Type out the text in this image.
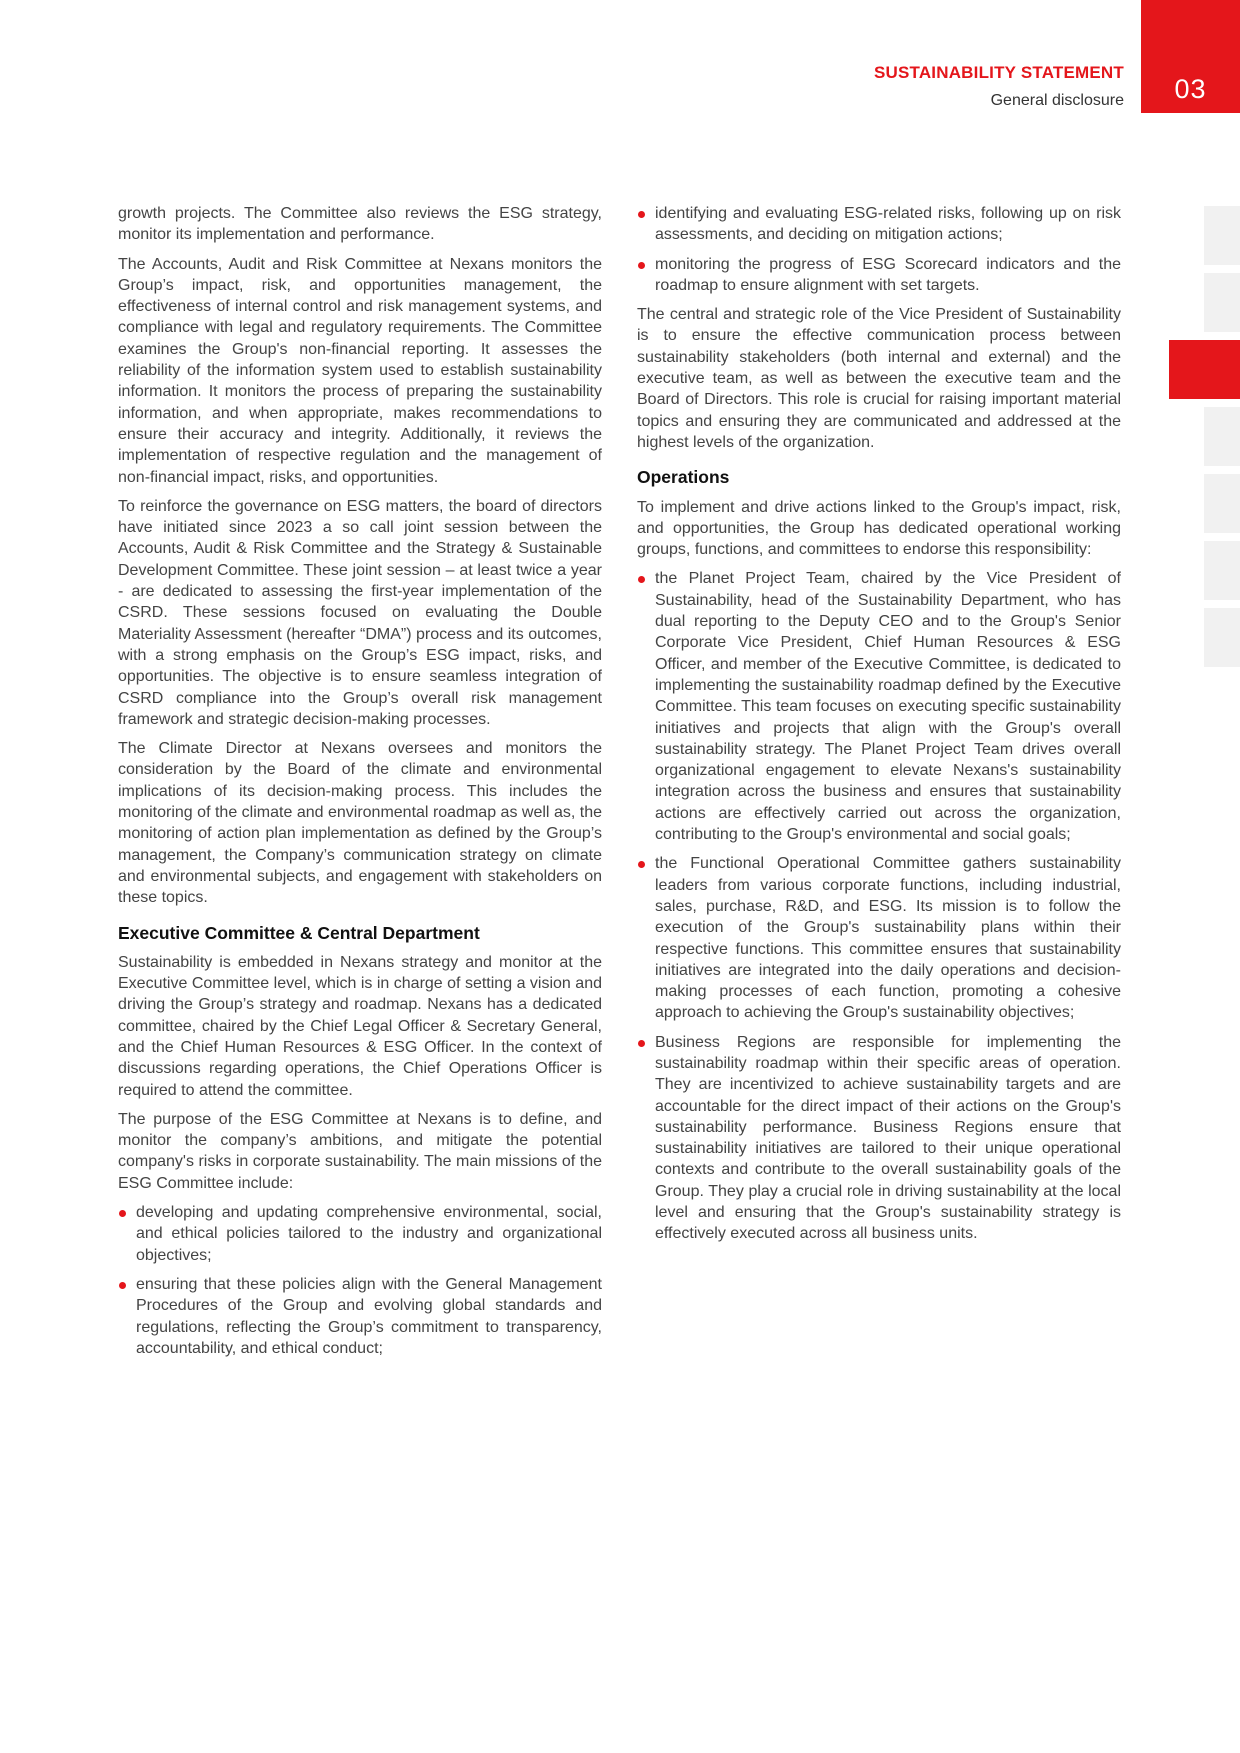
SUSTAINABILITY STATEMENT
General disclosure	03

growth projects. The Committee also reviews the ESG strategy, monitor its implementation and performance.

The Accounts, Audit and Risk Committee at Nexans monitors the Group’s impact, risk, and opportunities management, the effectiveness of internal control and risk management systems, and compliance with legal and regulatory requirements. The Committee examines the Group's non-financial reporting. It assesses the reliability of the information system used to establish sustainability information. It monitors the process of preparing the sustainability information, and when appropriate, makes recommendations to ensure their accuracy and integrity. Additionally, it reviews the implementation of respective regulation and the management of non-financial impact, risks, and opportunities.

To reinforce the governance on ESG matters, the board of directors have initiated since 2023 a so call joint session between the Accounts, Audit & Risk Committee and the Strategy & Sustainable Development Committee. These joint session – at least twice a year - are dedicated to assessing the first-year implementation of the CSRD. These sessions focused on evaluating the Double Materiality Assessment (hereafter “DMA”) process and its outcomes, with a strong emphasis on the Group’s ESG impact, risks, and opportunities. The objective is to ensure seamless integration of CSRD compliance into the Group’s overall risk management framework and strategic decision-making processes.

The Climate Director at Nexans oversees and monitors the consideration by the Board of the climate and environmental implications of its decision-making process. This includes the monitoring of the climate and environmental roadmap as well as, the monitoring of action plan implementation as defined by the Group’s management, the Company’s communication strategy on climate and environmental subjects, and engagement with stakeholders on these topics.

Executive Committee & Central Department

Sustainability is embedded in Nexans strategy and monitor at the Executive Committee level, which is in charge of setting a vision and driving the Group’s strategy and roadmap. Nexans has a dedicated committee, chaired by the Chief Legal Officer & Secretary General, and the Chief Human Resources & ESG Officer. In the context of discussions regarding operations, the Chief Operations Officer is required to attend the committee.

The purpose of the ESG Committee at Nexans is to define, and monitor the company’s ambitions, and mitigate the potential company's risks in corporate sustainability. The main missions of the ESG Committee include:

developing and updating comprehensive environmental, social, and ethical policies tailored to the industry and organizational objectives;
ensuring that these policies align with the General Management Procedures of the Group and evolving global standards and regulations, reflecting the Group’s commitment to transparency, accountability, and ethical conduct;
identifying and evaluating ESG-related risks, following up on risk assessments, and deciding on mitigation actions;
monitoring the progress of ESG Scorecard indicators and the roadmap to ensure alignment with set targets.

The central and strategic role of the Vice President of Sustainability is to ensure the effective communication process between sustainability stakeholders (both internal and external) and the executive team, as well as between the executive team and the Board of Directors. This role is crucial for raising important material topics and ensuring they are communicated and addressed at the highest levels of the organization.

Operations

To implement and drive actions linked to the Group's impact, risk, and opportunities, the Group has dedicated operational working groups, functions, and committees to endorse this responsibility:

the Planet Project Team, chaired by the Vice President of Sustainability, head of the Sustainability Department, who has dual reporting to the Deputy CEO and to the Group's Senior Corporate Vice President, Chief Human Resources & ESG Officer, and member of the Executive Committee, is dedicated to implementing the sustainability roadmap defined by the Executive Committee. This team focuses on executing specific sustainability initiatives and projects that align with the Group's overall sustainability strategy. The Planet Project Team drives overall organizational engagement to elevate Nexans's sustainability integration across the business and ensures that sustainability actions are effectively carried out across the organization, contributing to the Group's environmental and social goals;
the Functional Operational Committee gathers sustainability leaders from various corporate functions, including industrial, sales, purchase, R&D, and ESG. Its mission is to follow the execution of the Group's sustainability plans within their respective functions. This committee ensures that sustainability initiatives are integrated into the daily operations and decision-making processes of each function, promoting a cohesive approach to achieving the Group's sustainability objectives;
Business Regions are responsible for implementing the sustainability roadmap within their specific areas of operation. They are incentivized to achieve sustainability targets and are accountable for the direct impact of their actions on the Group's sustainability performance. Business Regions ensure that sustainability initiatives are tailored to their unique operational contexts and contribute to the overall sustainability goals of the Group. They play a crucial role in driving sustainability at the local level and ensuring that the Group's sustainability strategy is effectively executed across all business units.
